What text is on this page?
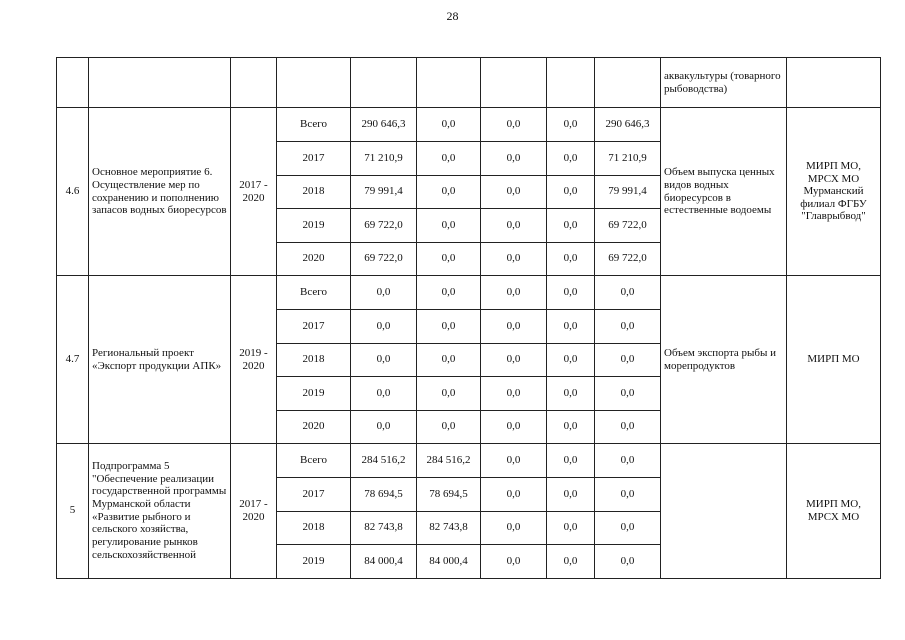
28
									аквакультуры (товарного рыбоводства)	
4.6	Основное мероприятие 6. Осуществление мер по сохранению и пополнению запасов водных биоресурсов	2017 - 2020	Всего	290 646,3	0,0	0,0	0,0	290 646,3	Объем выпуска ценных видов водных биоресурсов в естественные водоемы	МИРП МО, МРСХ МО Мурманский филиал ФГБУ "Главрыбвод"
			2017	71 210,9	0,0	0,0	0,0	71 210,9		
			2018	79 991,4	0,0	0,0	0,0	79 991,4		
			2019	69 722,0	0,0	0,0	0,0	69 722,0		
			2020	69 722,0	0,0	0,0	0,0	69 722,0		
4.7	Региональный проект «Экспорт продукции АПК»	2019 - 2020	Всего	0,0	0,0	0,0	0,0	0,0	Объем экспорта рыбы и морепродуктов	МИРП МО
			2017	0,0	0,0	0,0	0,0	0,0		
			2018	0,0	0,0	0,0	0,0	0,0		
			2019	0,0	0,0	0,0	0,0	0,0		
			2020	0,0	0,0	0,0	0,0	0,0		
5	Подпрограмма 5 "Обеспечение реализации государственной программы Мурманской области «Развитие рыбного и сельского хозяйства, регулирование рынков сельскохозяйственной	2017 - 2020	Всего	284 516,2	284 516,2	0,0	0,0	0,0		МИРП МО, МРСХ МО
			2017	78 694,5	78 694,5	0,0	0,0	0,0		
			2018	82 743,8	82 743,8	0,0	0,0	0,0		
			2019	84 000,4	84 000,4	0,0	0,0	0,0		
